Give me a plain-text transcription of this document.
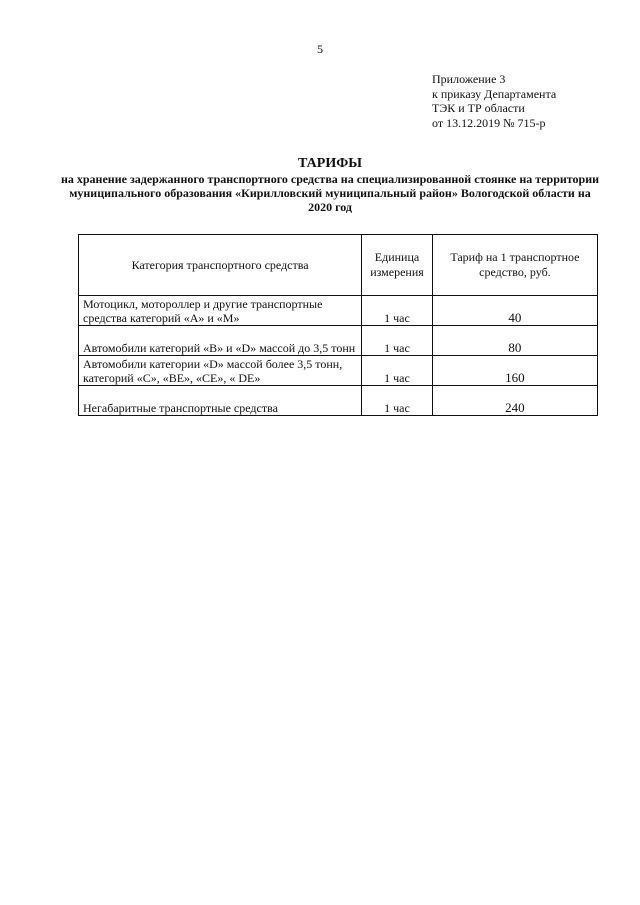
5
Приложение 3
к приказу Департамента
ТЭК и ТР области
от 13.12.2019 № 715-р
ТАРИФЫ
на хранение задержанного транспортного средства на специализированной стоянке на территории муниципального образования «Кирилловский муниципальный район» Вологодской области на 2020 год
Категория транспортного средства	Единица измерения	Тариф на 1 транспортное средство, руб.
Мотоцикл, мотороллер и другие транспортные средства категорий «А» и «М»	1 час	40
Автомобили категорий «В» и «D» массой до 3,5 тонн	1 час	80
Автомобили категории «D» массой более 3,5 тонн, категорий «С», «ВЕ», «СЕ», « DЕ»	1 час	160
Негабаритные транспортные средства	1 час	240
